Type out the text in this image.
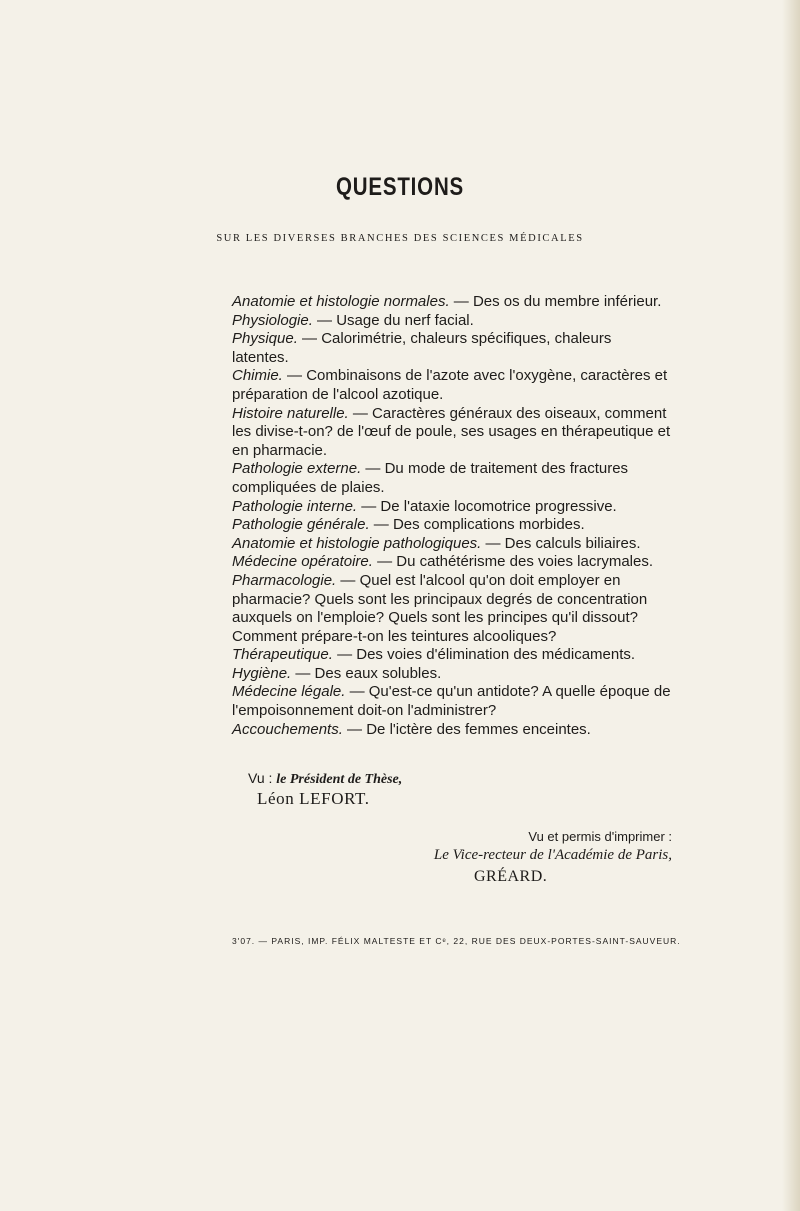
QUESTIONS
SUR LES DIVERSES BRANCHES DES SCIENCES MÉDICALES

Anatomie et histologie normales. — Des os du membre inférieur.

Physiologie. — Usage du nerf facial.

Physique. — Calorimétrie, chaleurs spécifiques, chaleurs latentes.

Chimie. — Combinaisons de l'azote avec l'oxygène, caractères et préparation de l'alcool azotique.

Histoire naturelle. — Caractères généraux des oiseaux, comment les divise-t-on? de l'œuf de poule, ses usages en thérapeutique et en pharmacie.

Pathologie externe. — Du mode de traitement des fractures compliquées de plaies.

Pathologie interne. — De l'ataxie locomotrice progressive.

Pathologie générale. — Des complications morbides.

Anatomie et histologie pathologiques. — Des calculs biliaires.

Médecine opératoire. — Du cathétérisme des voies lacrymales.

Pharmacologie. — Quel est l'alcool qu'on doit employer en pharmacie? Quels sont les principaux degrés de concentration auxquels on l'emploie? Quels sont les principes qu'il dissout? Comment prépare-t-on les teintures alcooliques?

Thérapeutique. — Des voies d'élimination des médicaments.

Hygiène. — Des eaux solubles.

Médecine légale. — Qu'est-ce qu'un antidote? A quelle époque de l'empoisonnement doit-on l'administrer?

Accouchements. — De l'ictère des femmes enceintes.

Vu : le Président de Thèse,
Léon LEFORT.
Vu et permis d'imprimer :
Le Vice-recteur de l'Académie de Paris,
GRÉARD.
3'07. — PARIS, IMP. FÉLIX MALTESTE ET Cᵉ, 22, RUE DES DEUX-PORTES-SAINT-SAUVEUR.
